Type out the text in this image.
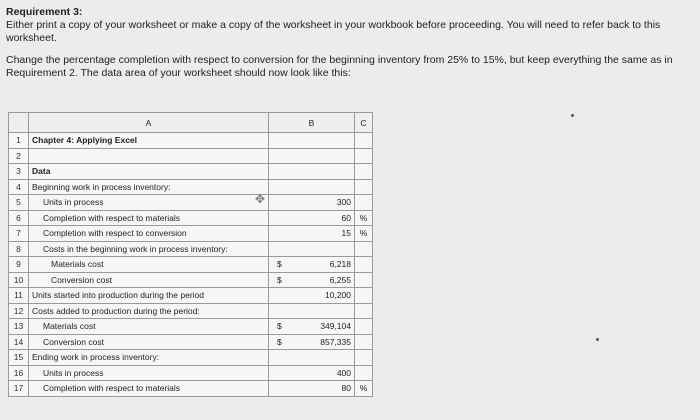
Requirement 3:

Either print a copy of your worksheet or make a copy of the worksheet in your workbook before proceeding. You will need to refer back to this worksheet.

Change the percentage completion with respect to conversion for the beginning inventory from 25% to 15%, but keep everything the same as in Requirement 2. The data area of your worksheet should now look like this:

	A	B	C
1	Chapter 4: Applying Excel	

2		

3	Data	

4	Beginning work in process inventory:	

5	Units in process	300	

6	Completion with respect to materials	60	%
7	Completion with respect to conversion	15	%
8	Costs in the beginning work in process inventory:	

9	Materials cost	$ 6,218	

10	Conversion cost	$ 6,255	

11	Units started into production during the period	10,200	

12	Costs added to production during the period:	

13	Materials cost	$ 349,104	

14	Conversion cost	$ 857,335	

15	Ending work in process inventory:	

16	Units in process	400	

17	Completion with respect to materials	80	%
✥
